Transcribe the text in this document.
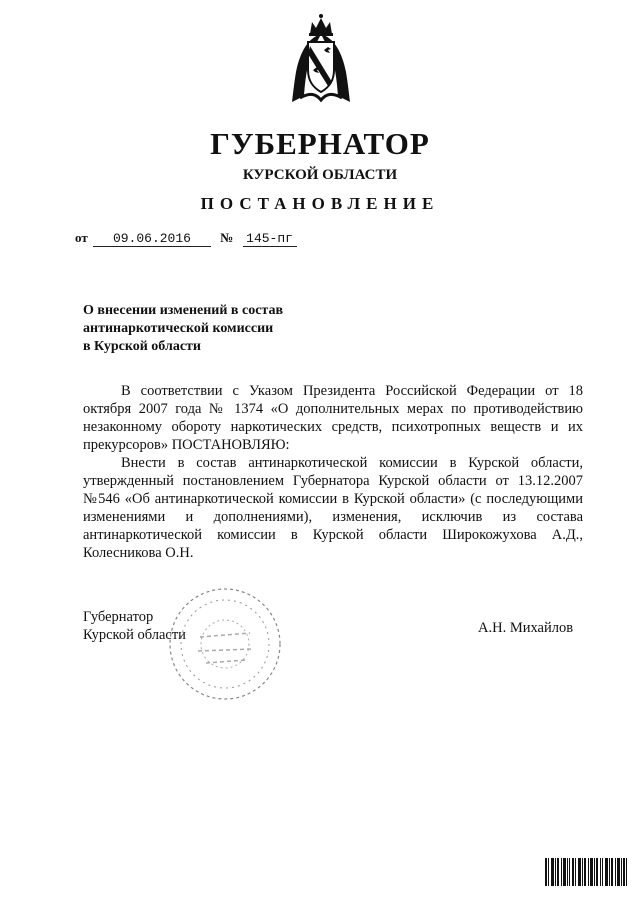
ГУБЕРНАТОР
КУРСКОЙ ОБЛАСТИ
ПОСТАНОВЛЕНИЕ
от 09.06.2016 № 145-пг
О внесении изменений в состав
антинаркотической комиссии
в Курской области

В соответствии с Указом Президента Российской Федерации от 18 октября 2007 года № 1374 «О дополнительных мерах по противодействию незаконному обороту наркотических средств, психотропных веществ и их прекурсоров» ПОСТАНОВЛЯЮ:

Внести в состав антинаркотической комиссии в Курской области, утвержденный постановлением Губернатора Курской области от 13.12.2007 №546 «Об антинаркотической комиссии в Курской области» (с последующими изменениями и дополнениями), изменения, исключив из состава антинаркотической комиссии в Курской области Широкожухова А.Д., Колесникова О.Н.

Губернатор
Курской области	А.Н. Михайлов
